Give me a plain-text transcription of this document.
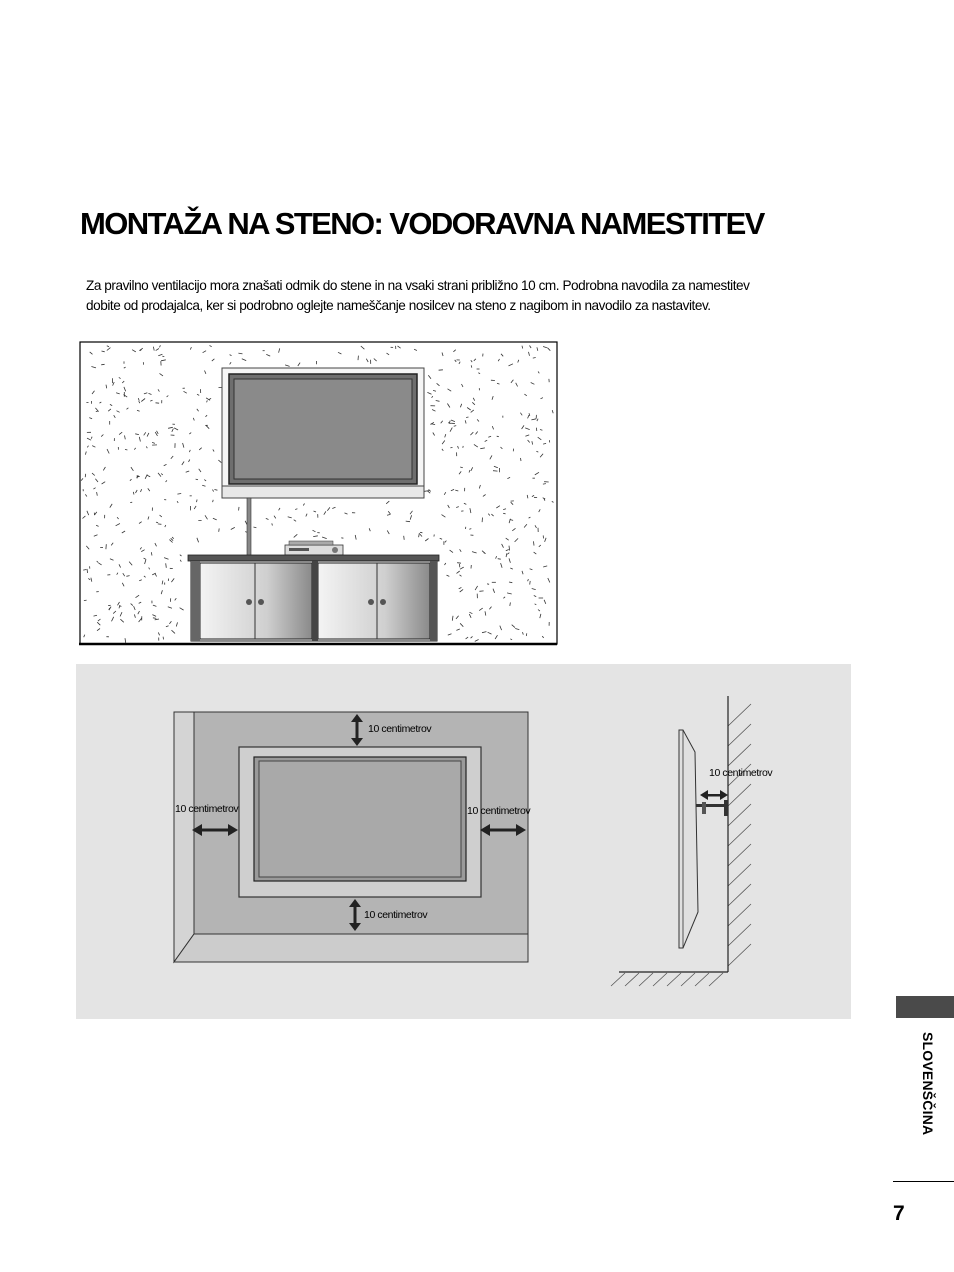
MONTAŽA NA STENO: VODORAVNA NAMESTITEV

Za pravilno ventilacijo mora znašati odmik do stene in na vsaki strani približno 10 cm. Podrobna navodila za namestitev
dobite od prodajalca, ker si podrobno oglejte nameščanje nosilcev na steno z nagibom in navodilo za nastavitev.

10 centimetrov
10 centimetrov
10 centimetrov	10 centimetrov
10 centimetrov

SLOVENŠČINA

7
